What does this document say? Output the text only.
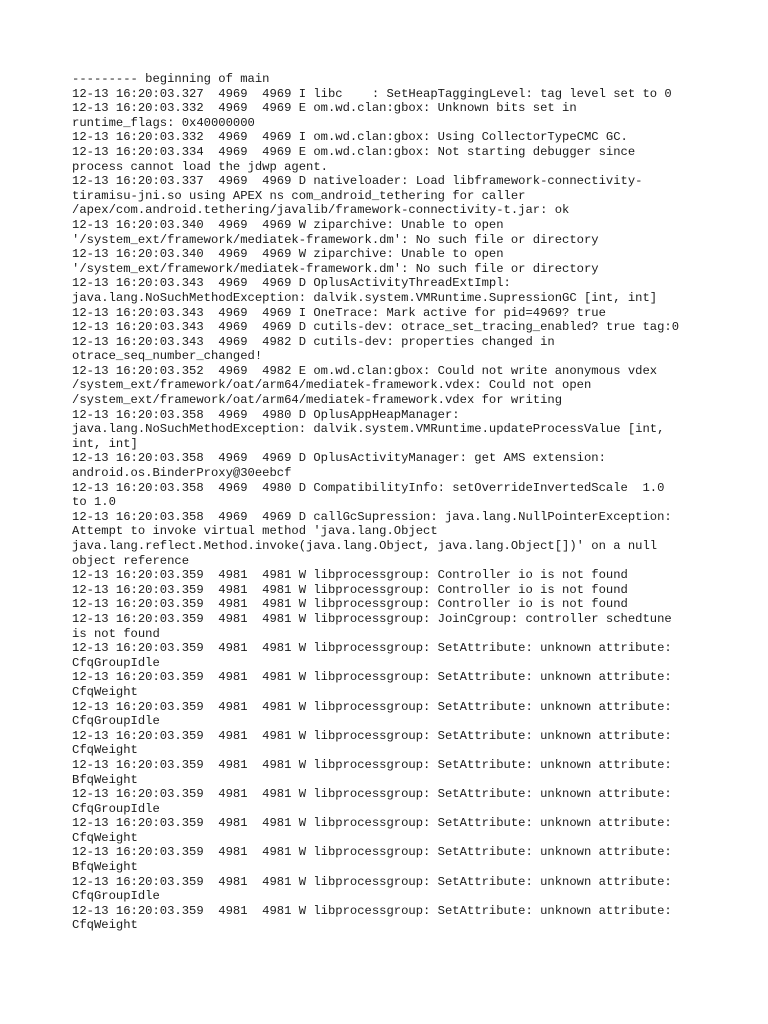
--------- beginning of main
12-13 16:20:03.327  4969  4969 I libc    : SetHeapTaggingLevel: tag level set to 0
12-13 16:20:03.332  4969  4969 E om.wd.clan:gbox: Unknown bits set in
runtime_flags: 0x40000000
12-13 16:20:03.332  4969  4969 I om.wd.clan:gbox: Using CollectorTypeCMC GC.
12-13 16:20:03.334  4969  4969 E om.wd.clan:gbox: Not starting debugger since
process cannot load the jdwp agent.
12-13 16:20:03.337  4969  4969 D nativeloader: Load libframework-connectivity-
tiramisu-jni.so using APEX ns com_android_tethering for caller
/apex/com.android.tethering/javalib/framework-connectivity-t.jar: ok
12-13 16:20:03.340  4969  4969 W ziparchive: Unable to open
'/system_ext/framework/mediatek-framework.dm': No such file or directory
12-13 16:20:03.340  4969  4969 W ziparchive: Unable to open
'/system_ext/framework/mediatek-framework.dm': No such file or directory
12-13 16:20:03.343  4969  4969 D OplusActivityThreadExtImpl:
java.lang.NoSuchMethodException: dalvik.system.VMRuntime.SupressionGC [int, int]
12-13 16:20:03.343  4969  4969 I OneTrace: Mark active for pid=4969? true
12-13 16:20:03.343  4969  4969 D cutils-dev: otrace_set_tracing_enabled? true tag:0
12-13 16:20:03.343  4969  4982 D cutils-dev: properties changed in
otrace_seq_number_changed!
12-13 16:20:03.352  4969  4982 E om.wd.clan:gbox: Could not write anonymous vdex
/system_ext/framework/oat/arm64/mediatek-framework.vdex: Could not open
/system_ext/framework/oat/arm64/mediatek-framework.vdex for writing
12-13 16:20:03.358  4969  4980 D OplusAppHeapManager:
java.lang.NoSuchMethodException: dalvik.system.VMRuntime.updateProcessValue [int,
int, int]
12-13 16:20:03.358  4969  4969 D OplusActivityManager: get AMS extension:
android.os.BinderProxy@30eebcf
12-13 16:20:03.358  4969  4980 D CompatibilityInfo: setOverrideInvertedScale  1.0
to 1.0
12-13 16:20:03.358  4969  4969 D callGcSupression: java.lang.NullPointerException:
Attempt to invoke virtual method 'java.lang.Object
java.lang.reflect.Method.invoke(java.lang.Object, java.lang.Object[])' on a null
object reference
12-13 16:20:03.359  4981  4981 W libprocessgroup: Controller io is not found
12-13 16:20:03.359  4981  4981 W libprocessgroup: Controller io is not found
12-13 16:20:03.359  4981  4981 W libprocessgroup: Controller io is not found
12-13 16:20:03.359  4981  4981 W libprocessgroup: JoinCgroup: controller schedtune
is not found
12-13 16:20:03.359  4981  4981 W libprocessgroup: SetAttribute: unknown attribute:
CfqGroupIdle
12-13 16:20:03.359  4981  4981 W libprocessgroup: SetAttribute: unknown attribute:
CfqWeight
12-13 16:20:03.359  4981  4981 W libprocessgroup: SetAttribute: unknown attribute:
CfqGroupIdle
12-13 16:20:03.359  4981  4981 W libprocessgroup: SetAttribute: unknown attribute:
CfqWeight
12-13 16:20:03.359  4981  4981 W libprocessgroup: SetAttribute: unknown attribute:
BfqWeight
12-13 16:20:03.359  4981  4981 W libprocessgroup: SetAttribute: unknown attribute:
CfqGroupIdle
12-13 16:20:03.359  4981  4981 W libprocessgroup: SetAttribute: unknown attribute:
CfqWeight
12-13 16:20:03.359  4981  4981 W libprocessgroup: SetAttribute: unknown attribute:
BfqWeight
12-13 16:20:03.359  4981  4981 W libprocessgroup: SetAttribute: unknown attribute:
CfqGroupIdle
12-13 16:20:03.359  4981  4981 W libprocessgroup: SetAttribute: unknown attribute:
CfqWeight
